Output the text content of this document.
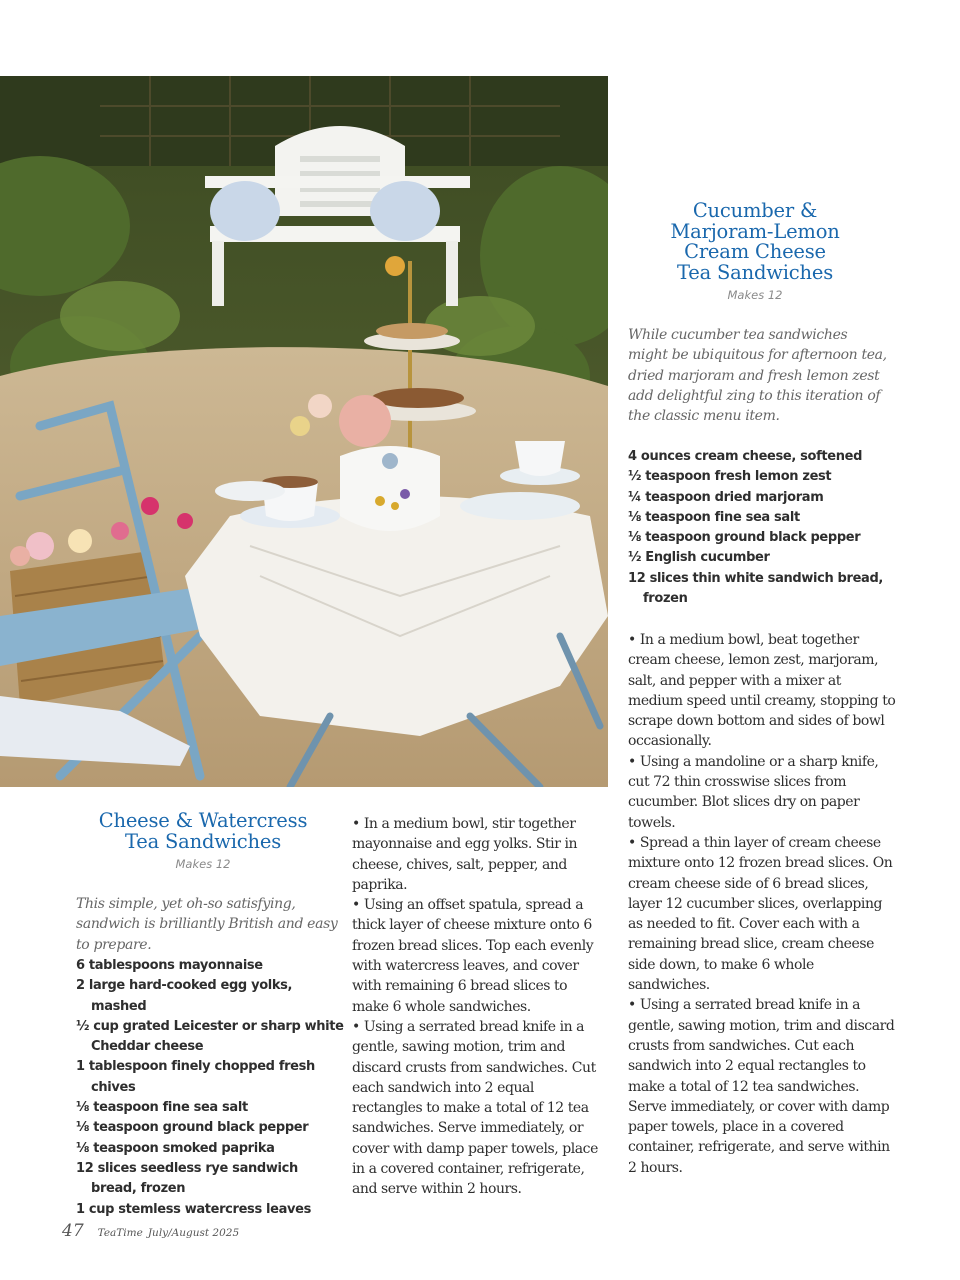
Cheese & Watercress
Tea Sandwiches
Makes 12

This simple, yet oh-so satisfying, sandwich is brilliantly British and easy to prepare.

6 tablespoons mayonnaise
2 large hard-cooked egg yolks, mashed
½ cup grated Leicester or sharp white Cheddar cheese
1 tablespoon finely chopped fresh chives
⅛ teaspoon fine sea salt
⅛ teaspoon ground black pepper
⅛ teaspoon smoked paprika
12 slices seedless rye sandwich bread, frozen
1 cup stemless watercress leaves

• In a medium bowl, stir together mayonnaise and egg yolks. Stir in cheese, chives, salt, pepper, and paprika.

• Using an offset spatula, spread a thick layer of cheese mixture onto 6 frozen bread slices. Top each evenly with watercress leaves, and cover with remaining 6 bread slices to make 6 whole sandwiches.

• Using a serrated bread knife in a gentle, sawing motion, trim and discard crusts from sandwiches. Cut each sandwich into 2 equal rectangles to make a total of 12 tea sandwiches. Serve immediately, or cover with damp paper towels, place in a covered container, refrigerate, and serve within 2 hours.

Cucumber &
Marjoram-Lemon
Cream Cheese
Tea Sandwiches
Makes 12

While cucumber tea sandwiches might be ubiquitous for afternoon tea, dried marjoram and fresh lemon zest add delightful zing to this iteration of the classic menu item.

4 ounces cream cheese, softened
½ teaspoon fresh lemon zest
¼ teaspoon dried marjoram
⅛ teaspoon fine sea salt
⅛ teaspoon ground black pepper
½ English cucumber
12 slices thin white sandwich bread, frozen

• In a medium bowl, beat together cream cheese, lemon zest, marjoram, salt, and pepper with a mixer at medium speed until creamy, stopping to scrape down bottom and sides of bowl occasionally.

• Using a mandoline or a sharp knife, cut 72 thin crosswise slices from cucumber. Blot slices dry on paper towels.

• Spread a thin layer of cream cheese mixture onto 12 frozen bread slices. On cream cheese side of 6 bread slices, layer 12 cucumber slices, overlapping as needed to fit. Cover each with a remaining bread slice, cream cheese side down, to make 6 whole sandwiches.

• Using a serrated bread knife in a gentle, sawing motion, trim and discard crusts from sandwiches. Cut each sandwich into 2 equal rectangles to make a total of 12 tea sandwiches. Serve immediately, or cover with damp paper towels, place in a covered container, refrigerate, and serve within 2 hours.

47 TeaTime July/August 2025
